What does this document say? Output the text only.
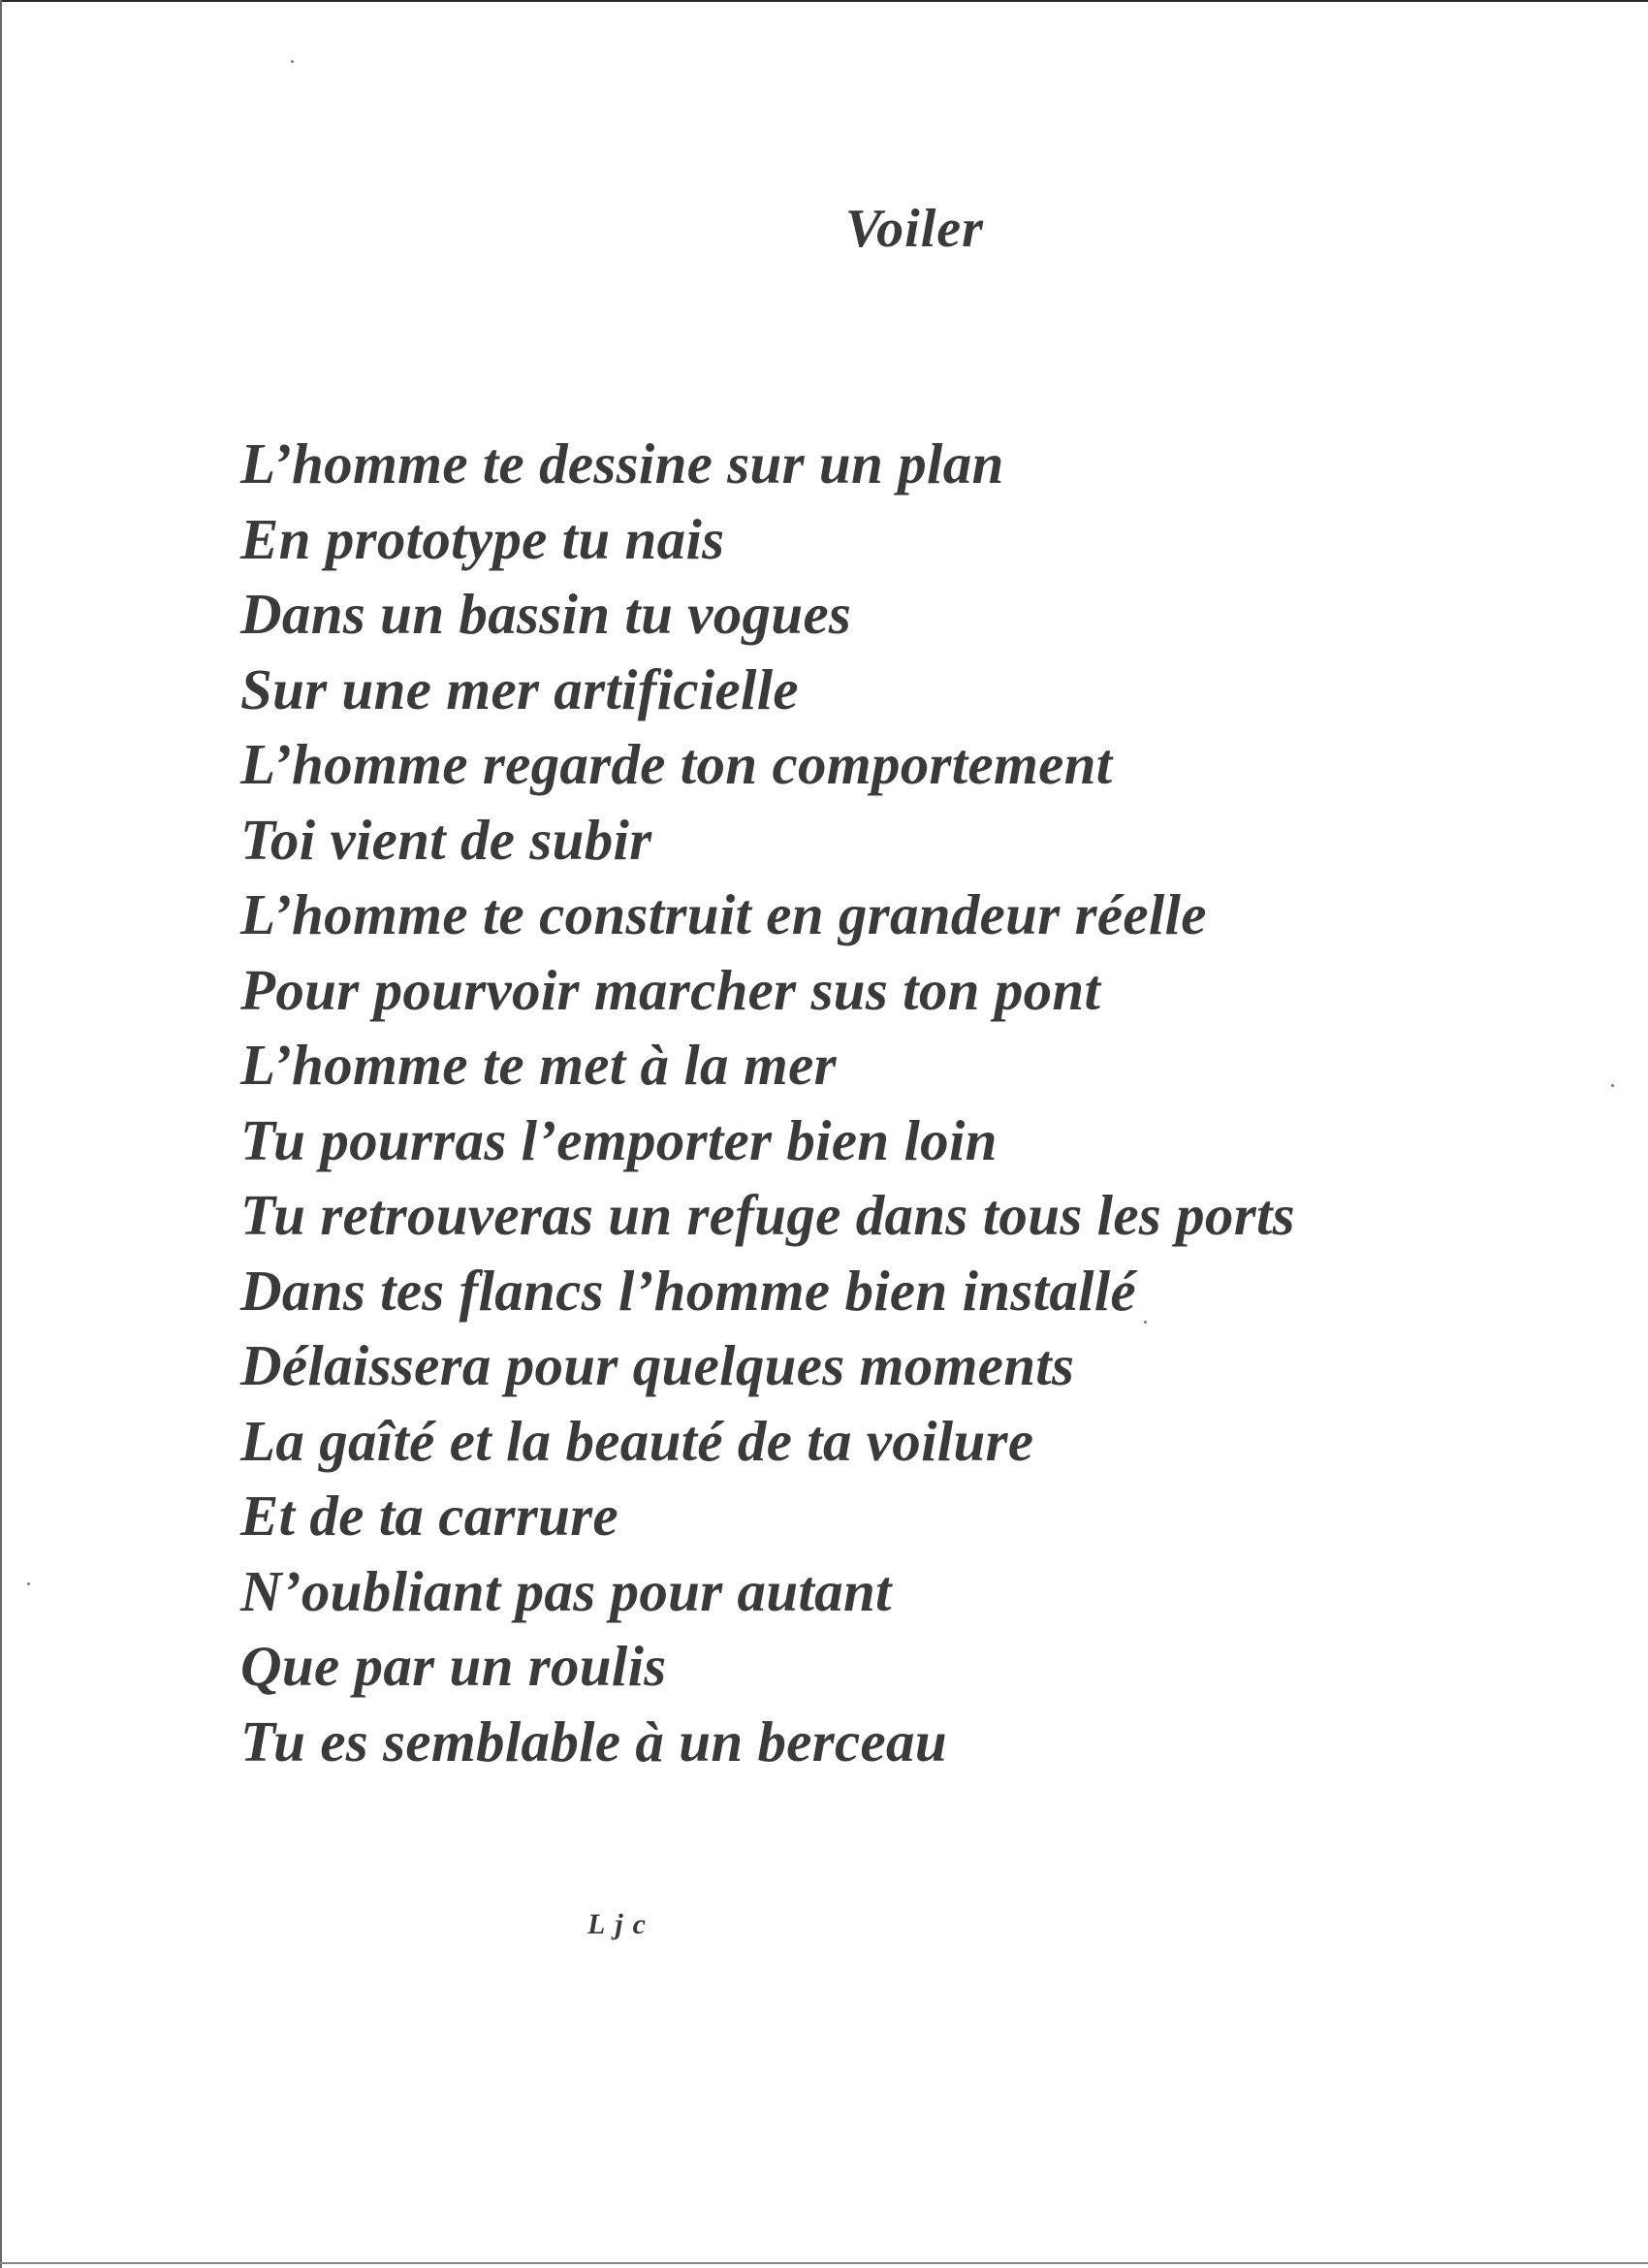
Voiler
L’homme te dessine sur un plan
En prototype tu nais
Dans un bassin tu vogues
Sur une mer artificielle
L’homme regarde ton comportement
Toi vient de subir
L’homme te construit en grandeur réelle
Pour pourvoir marcher sus ton pont
L’homme te met à la mer
Tu pourras l’emporter bien loin
Tu retrouveras un refuge dans tous les ports
Dans tes flancs l’homme bien installé
Délaissera pour quelques moments
La gaîté et la beauté de ta voilure
Et de ta carrure
N’oubliant pas pour autant
Que par un roulis
Tu es semblable à un berceau

Ljc
